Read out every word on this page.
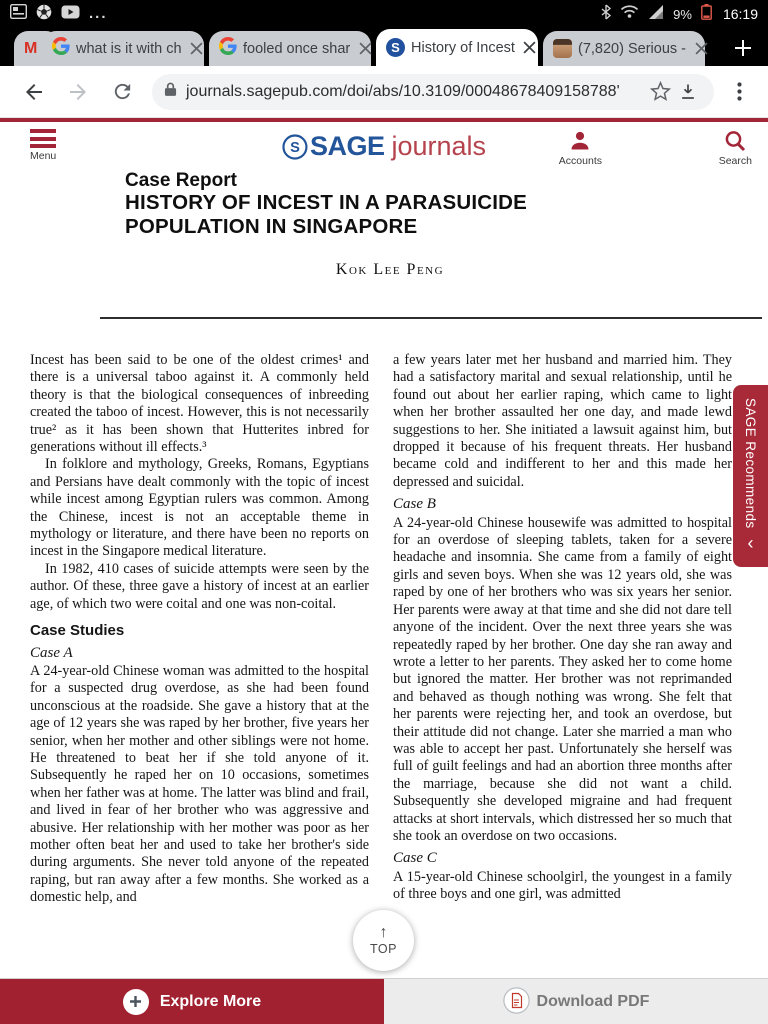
...	9% 16:19
M	what is it with ch	fooled once shar	S History of Incest	(7,820) Serious -
journals.sagepub.com/doi/abs/10.3109/00048678409158788'
Menu
S SAGE journals	Accounts	Search
Case Report
HISTORY OF INCEST IN A PARASUICIDE
POPULATION IN SINGAPORE
Kok Lee Peng
Incest has been said to be one of the oldest crimes¹ and there is a universal taboo against it. A commonly held theory is that the biological consequences of inbreeding created the taboo of incest. However, this is not necessarily true² as it has been shown that Hutterites inbred for generations without ill effects.³
In folklore and mythology, Greeks, Romans, Egyptians and Persians have dealt commonly with the topic of incest while incest among Egyptian rulers was common. Among the Chinese, incest is not an acceptable theme in mythology or literature, and there have been no reports on incest in the Singapore medical literature.
In 1982, 410 cases of suicide attempts were seen by the author. Of these, three gave a history of incest at an earlier age, of which two were coital and one was non-coital.
Case Studies
Case A
A 24-year-old Chinese woman was admitted to the hospital for a suspected drug overdose, as she had been found unconscious at the roadside. She gave a history that at the age of 12 years she was raped by her brother, five years her senior, when her mother and other siblings were not home. He threatened to beat her if she told anyone of it. Subsequently he raped her on 10 occasions, sometimes when her father was at home. The latter was blind and frail, and lived in fear of her brother who was aggressive and abusive. Her relationship with her mother was poor as her mother often beat her and used to take her brother's side during arguments. She never told anyone of the repeated raping, but ran away after a few months. She worked as a domestic help, and
a few years later met her husband and married him. They had a satisfactory marital and sexual relationship, until he found out about her earlier raping, which came to light when her brother assaulted her one day, and made lewd suggestions to her. She initiated a lawsuit against him, but dropped it because of his frequent threats. Her husband became cold and indifferent to her and this made her depressed and suicidal.
Case B
A 24-year-old Chinese housewife was admitted to hospital for an overdose of sleeping tablets, taken for a severe headache and insomnia. She came from a family of eight girls and seven boys. When she was 12 years old, she was raped by one of her brothers who was six years her senior. Her parents were away at that time and she did not dare tell anyone of the incident. Over the next three years she was repeatedly raped by her brother. One day she ran away and wrote a letter to her parents. They asked her to come home but ignored the matter. Her brother was not reprimanded and behaved as though nothing was wrong. She felt that her parents were rejecting her, and took an overdose, but their attitude did not change. Later she married a man who was able to accept her past. Unfortunately she herself was full of guilt feelings and had an abortion three months after the marriage, because she did not want a child. Subsequently she developed migraine and had frequent attacks at short intervals, which distressed her so much that she took an overdose on two occasions.
Case C
A 15-year-old Chinese schoolgirl, the youngest in a family of three boys and one girl, was admitted
SAGE Recommends
‹
↑
TOP
Explore More	Download PDF
